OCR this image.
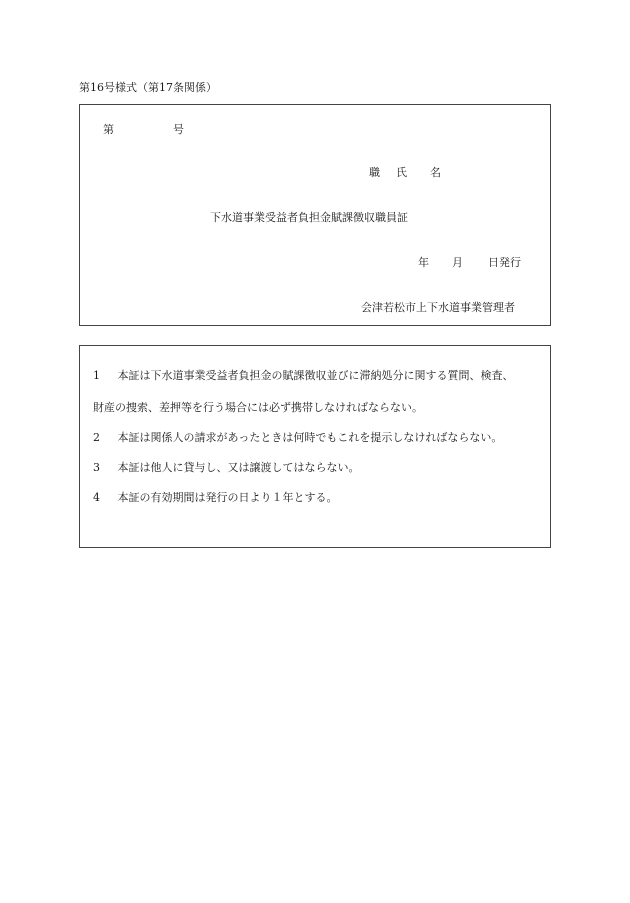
第16号様式（第17条関係）
第	号
職 氏 名
下水道事業受益者負担金賦課徴収職員証
年 月 日発行
会津若松市上下水道事業管理者
1 本証は下水道事業受益者負担金の賦課徴収並びに滞納処分に関する質問、検査、
財産の捜索、差押等を行う場合には必ず携帯しなければならない。
2 本証は関係人の請求があったときは何時でもこれを提示しなければならない。
3 本証は他人に貸与し、又は譲渡してはならない。
4 本証の有効期間は発行の日より１年とする。
